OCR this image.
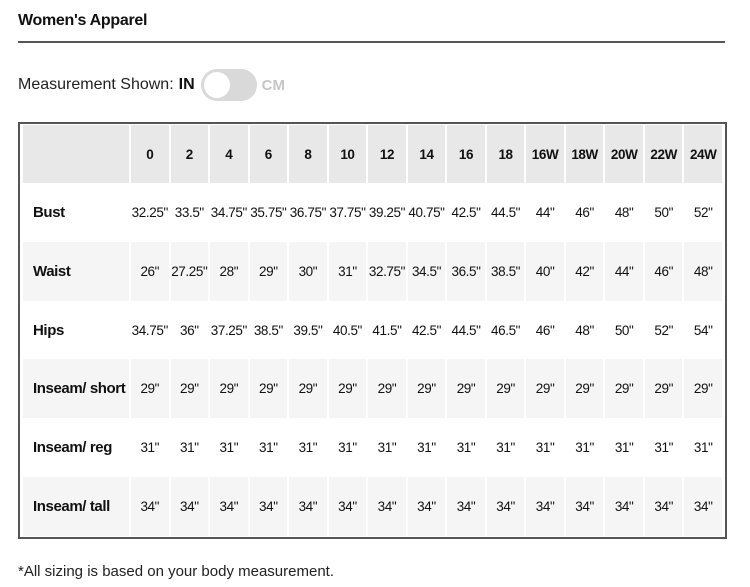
Women's Apparel
Measurement Shown: IN	CM
	0	2	4	6	8	10	12	14	16	18	16W	18W	20W	22W	24W
Bust	32.25"	33.5"	34.75"	35.75"	36.75"	37.75"	39.25"	40.75"	42.5"	44.5"	44"	46"	48"	50"	52"
Waist	26"	27.25"	28"	29"	30"	31"	32.75"	34.5"	36.5"	38.5"	40"	42"	44"	46"	48"
Hips	34.75"	36"	37.25"	38.5"	39.5"	40.5"	41.5"	42.5"	44.5"	46.5"	46"	48"	50"	52"	54"
Inseam/ short	29"	29"	29"	29"	29"	29"	29"	29"	29"	29"	29"	29"	29"	29"	29"
Inseam/ reg	31"	31"	31"	31"	31"	31"	31"	31"	31"	31"	31"	31"	31"	31"	31"
Inseam/ tall	34"	34"	34"	34"	34"	34"	34"	34"	34"	34"	34"	34"	34"	34"	34"
*All sizing is based on your body measurement.
